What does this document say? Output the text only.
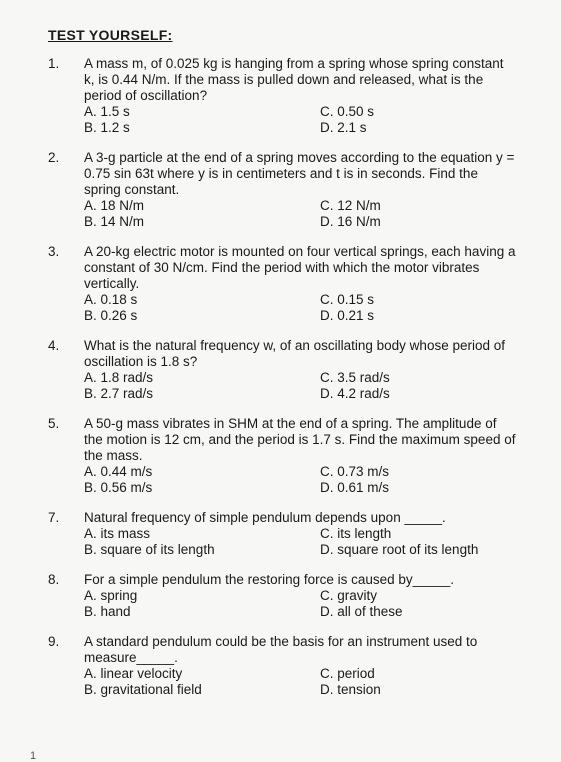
TEST YOURSELF:
1. A mass m, of 0.025 kg is hanging from a spring whose spring constant k, is 0.44 N/m. If the mass is pulled down and released, what is the period of oscillation?
A. 1.5 s	C. 0.50 s
B. 1.2 s	D. 2.1 s
2. A 3-g particle at the end of a spring moves according to the equation y = 0.75 sin 63t where y is in centimeters and t is in seconds. Find the spring constant.
A. 18 N/m	C. 12 N/m
B. 14 N/m	D. 16 N/m
3. A 20-kg electric motor is mounted on four vertical springs, each having a constant of 30 N/cm. Find the period with which the motor vibrates vertically.
A. 0.18 s	C. 0.15 s
B. 0.26 s	D. 0.21 s
4. What is the natural frequency w, of an oscillating body whose period of oscillation is 1.8 s?
A. 1.8 rad/s	C. 3.5 rad/s
B. 2.7 rad/s	D. 4.2 rad/s
5. A 50-g mass vibrates in SHM at the end of a spring. The amplitude of the motion is 12 cm, and the period is 1.7 s. Find the maximum speed of the mass.
A. 0.44 m/s	C. 0.73 m/s
B. 0.56 m/s	D. 0.61 m/s
7. Natural frequency of simple pendulum depends upon _____.
A. its mass	C. its length
B. square of its length	D. square root of its length
8. For a simple pendulum the restoring force is caused by_____.
A. spring	C. gravity
B. hand	D. all of these
9. A standard pendulum could be the basis for an instrument used to measure_____.
A. linear velocity	C. period
B. gravitational field	D. tension
1
